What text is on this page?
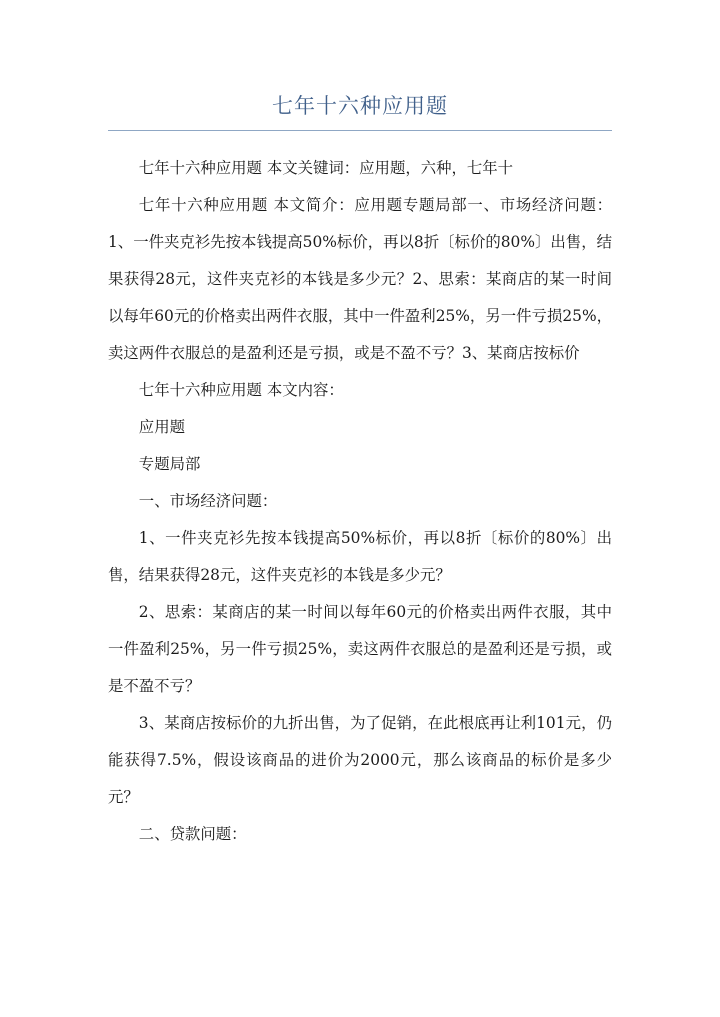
七年十六种应用题

七年十六种应用题 本文关键词：应用题，六种，七年十

七年十六种应用题 本文简介：应用题专题局部一、市场经济问题：1、一件夹克衫先按本钱提高50%标价，再以8折〔标价的80%〕出售，结果获得28元，这件夹克衫的本钱是多少元？2、思索：某商店的某一时间以每年60元的价格卖出两件衣服，其中一件盈利25%，另一件亏损25%，卖这两件衣服总的是盈利还是亏损，或是不盈不亏？3、某商店按标价

七年十六种应用题 本文内容：

应用题

专题局部

一、市场经济问题：

1、一件夹克衫先按本钱提高50%标价，再以8折〔标价的80%〕出售，结果获得28元，这件夹克衫的本钱是多少元？

2、思索：某商店的某一时间以每年60元的价格卖出两件衣服，其中一件盈利25%，另一件亏损25%，卖这两件衣服总的是盈利还是亏损，或是不盈不亏？

3、某商店按标价的九折出售，为了促销，在此根底再让利101元，仍能获得7.5%，假设该商品的进价为2000元，那么该商品的标价是多少元？

二、贷款问题：
